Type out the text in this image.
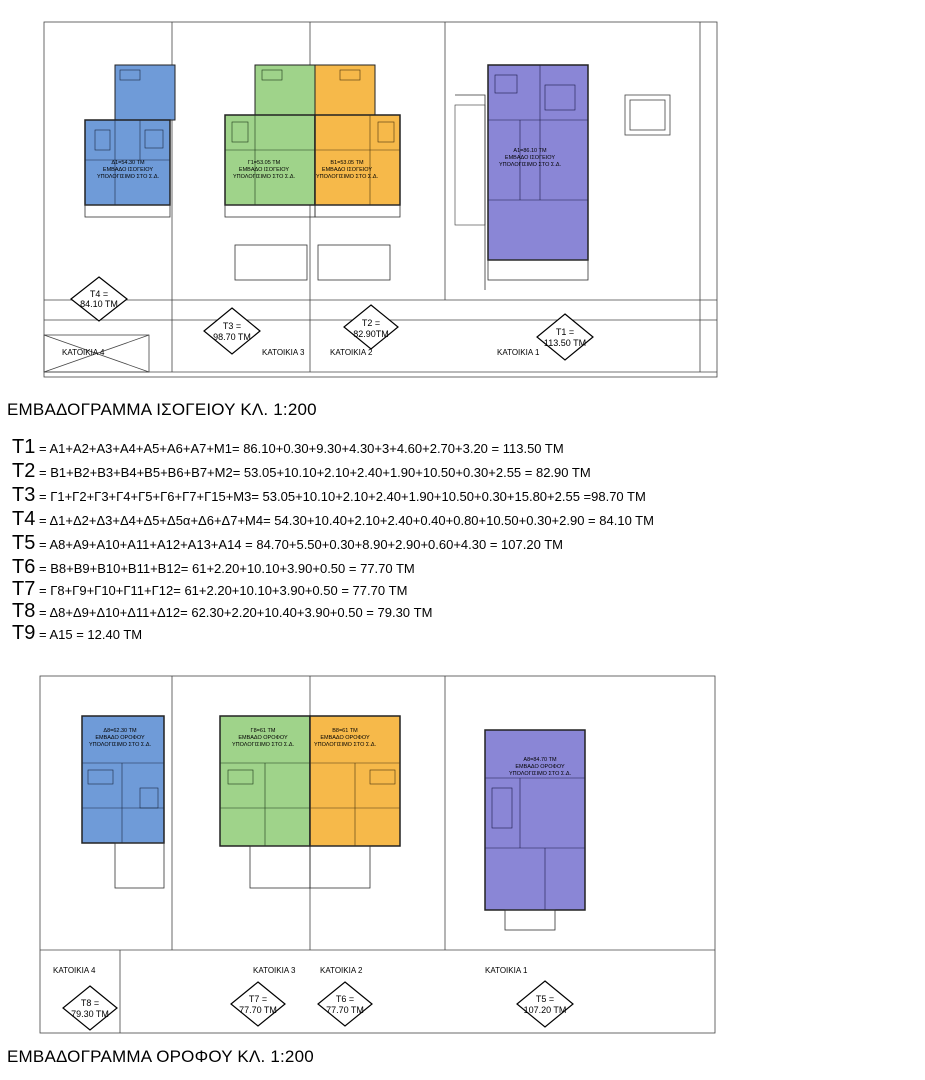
Δ1=54.30 TM
ΕΜΒΑΔΟ ΙΣΟΓΕΙΟΥ
ΥΠΟΛΟΓΙΣΙΜΟ ΣΤΟ Σ.Δ.
Γ1=53.05 TM
ΕΜΒΑΔΟ ΙΣΟΓΕΙΟΥ
ΥΠΟΛΟΓΙΣΙΜΟ ΣΤΟ Σ.Δ.
Β1=53.05 TM
ΕΜΒΑΔΟ ΙΣΟΓΕΙΟΥ
ΥΠΟΛΟΓΙΣΙΜΟ ΣΤΟ Σ.Δ.
Α1=86.10 TM
ΕΜΒΑΔΟ ΙΣΟΓΕΙΟΥ
ΥΠΟΛΟΓΙΣΙΜΟ ΣΤΟ Σ.Δ.
T4 =
84.10 TM
T3 =
98.70 TM
T2 =
82.90TM	T1 =
113.50 TM
ΚΑΤΟΙΚΙΑ 4	ΚΑΤΟΙΚΙΑ 3	ΚΑΤΟΙΚΙΑ 2	ΚΑΤΟΙΚΙΑ 1
ΕΜΒΑΔΟΓΡΑΜΜΑ ΙΣΟΓΕΙΟΥ ΚΛ. 1:200
T1 = A1+A2+A3+A4+A5+A6+A7+M1= 86.10+0.30+9.30+4.30+3+4.60+2.70+3.20 = 113.50 TM
T2 = B1+B2+B3+B4+B5+B6+B7+M2= 53.05+10.10+2.10+2.40+1.90+10.50+0.30+2.55 = 82.90 TM
T3 = Γ1+Γ2+Γ3+Γ4+Γ5+Γ6+Γ7+Γ15+M3= 53.05+10.10+2.10+2.40+1.90+10.50+0.30+15.80+2.55 =98.70 TM
T4 = Δ1+Δ2+Δ3+Δ4+Δ5+Δ5α+Δ6+Δ7+M4= 54.30+10.40+2.10+2.40+0.40+0.80+10.50+0.30+2.90 = 84.10 TM
T5 = A8+A9+A10+A11+A12+A13+A14 = 84.70+5.50+0.30+8.90+2.90+0.60+4.30 = 107.20 TM
T6 = B8+B9+B10+B11+B12= 61+2.20+10.10+3.90+0.50 = 77.70 TM
T7 = Γ8+Γ9+Γ10+Γ11+Γ12= 61+2.20+10.10+3.90+0.50 = 77.70 TM
T8 = Δ8+Δ9+Δ10+Δ11+Δ12= 62.30+2.20+10.40+3.90+0.50 = 79.30 TM
T9 = A15 = 12.40 TM
Δ8=62.30 TM
ΕΜΒΑΔΟ ΟΡΟΦΟΥ
ΥΠΟΛΟΓΙΣΙΜΟ ΣΤΟ Σ.Δ.
Γ8=61 TM
ΕΜΒΑΔΟ ΟΡΟΦΟΥ
ΥΠΟΛΟΓΙΣΙΜΟ ΣΤΟ Σ.Δ.
Β8=61 TM
ΕΜΒΑΔΟ ΟΡΟΦΟΥ
ΥΠΟΛΟΓΙΣΙΜΟ ΣΤΟ Σ.Δ.
Α8=84.70 TM
ΕΜΒΑΔΟ ΟΡΟΦΟΥ
ΥΠΟΛΟΓΙΣΙΜΟ ΣΤΟ Σ.Δ.
ΚΑΤΟΙΚΙΑ 4	ΚΑΤΟΙΚΙΑ 3	ΚΑΤΟΙΚΙΑ 2	ΚΑΤΟΙΚΙΑ 1
T8 =
79.30 TM
T7 =
77.70 TM
T6 =
77.70 TM
T5 =
107.20 TM
ΕΜΒΑΔΟΓΡΑΜΜΑ ΟΡΟΦΟΥ ΚΛ. 1:200
